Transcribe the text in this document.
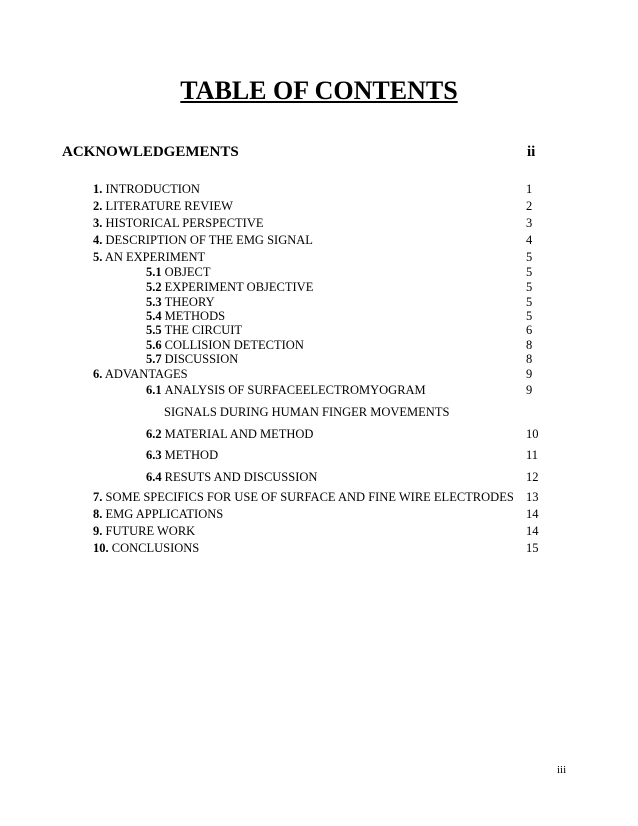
TABLE OF CONTENTS
ACKNOWLEDGEMENTS	ii
1. INTRODUCTION	1
2. LITERATURE REVIEW	2
3. HISTORICAL PERSPECTIVE	3
4. DESCRIPTION OF THE EMG SIGNAL	4
5. AN EXPERIMENT	5
5.1 OBJECT	5
5.2 EXPERIMENT OBJECTIVE	5
5.3 THEORY	5
5.4 METHODS	5
5.5 THE CIRCUIT	6
5.6 COLLISION DETECTION	8
5.7 DISCUSSION	8
6. ADVANTAGES	9
6.1 ANALYSIS OF SURFACEELECTROMYOGRAM	9
SIGNALS DURING HUMAN FINGER MOVEMENTS
6.2 MATERIAL AND METHOD	10
6.3 METHOD	11
6.4 RESUTS AND DISCUSSION	12
7. SOME SPECIFICS FOR USE OF SURFACE AND FINE WIRE ELECTRODES 13
8. EMG APPLICATIONS	14
9. FUTURE WORK	14
10. CONCLUSIONS	15
iii
